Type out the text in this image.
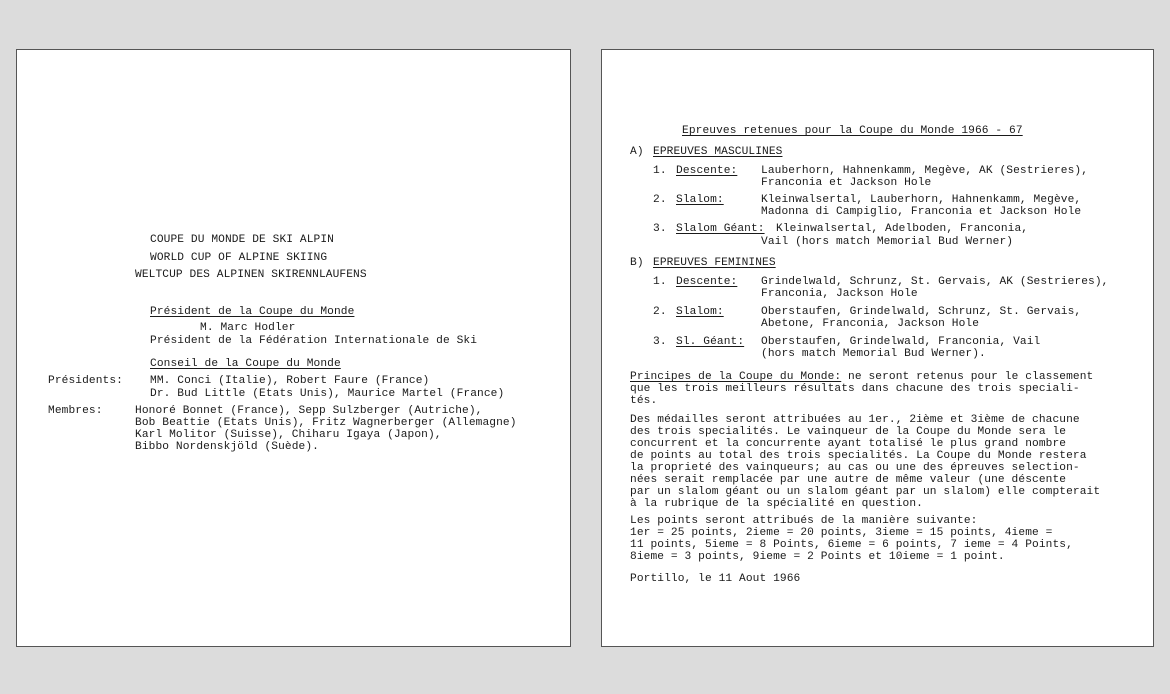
COUPE DU MONDE DE SKI ALPIN
WORLD CUP OF ALPINE SKIING
WELTCUP DES ALPINEN SKIRENNLAUFENS
Président de la Coupe du Monde
M. Marc Hodler
Président de la Fédération Internationale de Ski
Conseil de la Coupe du Monde
Présidents: MM. Conci (Italie), Robert Faure (France)
Dr. Bud Little (Etats Unis), Maurice Martel (France)
Membres:	Honoré Bonnet (France), Sepp Sulzberger (Autriche),
Bob Beattie (Etats Unis), Fritz Wagnerberger (Allemagne)
Karl Molitor (Suisse), Chiharu Igaya (Japon),
Bibbo Nordenskjöld (Suède).
Epreuves retenues pour la Coupe du Monde 1966 - 67
A) EPREUVES MASCULINES
1. Descente: Lauberhorn, Hahnenkamm, Megève, AK (Sestrieres),
Franconia et Jackson Hole
2. Slalom:	Kleinwalsertal, Lauberhorn, Hahnenkamm, Megève,
Madonna di Campiglio, Franconia et Jackson Hole
3. Slalom Géant: Kleinwalsertal, Adelboden, Franconia,
Vail (hors match Memorial Bud Werner)
B) EPREUVES FEMININES
1. Descente: Grindelwald, Schrunz, St. Gervais, AK (Sestrieres),
Franconia, Jackson Hole
2. Slalom:	Oberstaufen, Grindelwald, Schrunz, St. Gervais,
Abetone, Franconia, Jackson Hole
3. Sl. Géant: Oberstaufen, Grindelwald, Franconia, Vail
(hors match Memorial Bud Werner).
Principes de la Coupe du Monde: ne seront retenus pour le classement
que les trois meilleurs résultats dans chacune des trois speciali-
tés.
Des médailles seront attribuées au 1er., 2ième et 3ième de chacune
des trois specialités. Le vainqueur de la Coupe du Monde sera le
concurrent et la concurrente ayant totalisé le plus grand nombre
de points au total des trois specialités. La Coupe du Monde restera
la proprieté des vainqueurs; au cas ou une des épreuves selection-
nées serait remplacée par une autre de même valeur (une déscente
par un slalom géant ou un slalom géant par un slalom) elle compterait
à la rubrique de la spécialité en question.
Les points seront attribués de la manière suivante:
1er = 25 points, 2ieme = 20 points, 3ieme = 15 points, 4ieme =
11 points, 5ieme = 8 Points, 6ieme = 6 points, 7 ieme = 4 Points,
8ieme = 3 points, 9ieme = 2 Points et 10ieme = 1 point.
Portillo, le 11 Aout 1966
